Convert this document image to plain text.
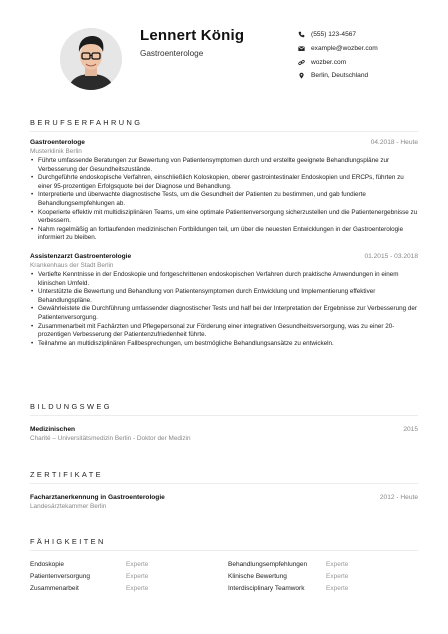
Lennert König
Gastroenterologe
(555) 123-4567
example@wozber.com
wozber.com
Berlin, Deutschland
BERUFSERFAHRUNG
Gastroenterologe	04.2018 - Heute
Musterklinik Berlin
• Führte umfassende Beratungen zur Bewertung von Patientensymptomen durch und erstellte geeignete Behandlungspläne zur Verbesserung der Gesundheitszustände.
• Durchgeführte endoskopische Verfahren, einschließlich Koloskopien, oberer gastrointestinaler Endoskopien und ERCPs, führten zu einer 95-prozentigen Erfolgsquote bei der Diagnose und Behandlung.
• Interpretierte und überwachte diagnostische Tests, um die Gesundheit der Patienten zu bestimmen, und gab fundierte Behandlungsempfehlungen ab.
• Kooperierte effektiv mit multidisziplinären Teams, um eine optimale Patientenversorgung sicherzustellen und die Patientenergebnisse zu verbessern.
• Nahm regelmäßig an fortlaufenden medizinischen Fortbildungen teil, um über die neuesten Entwicklungen in der Gastroenterologie informiert zu bleiben.
Assistenzarzt Gastroenterologie	01.2015 - 03.2018
Krankenhaus der Stadt Berlin
• Vertiefte Kenntnisse in der Endoskopie und fortgeschrittenen endoskopischen Verfahren durch praktische Anwendungen in einem klinischen Umfeld.
• Unterstützte die Bewertung und Behandlung von Patientensymptomen durch Entwicklung und Implementierung effektiver Behandlungspläne.
• Gewährleistete die Durchführung umfassender diagnostischer Tests und half bei der Interpretation der Ergebnisse zur Verbesserung der Patientenversorgung.
• Zusammenarbeit mit Fachärzten und Pflegepersonal zur Förderung einer integrativen Gesundheitsversorgung, was zu einer 20-prozentigen Verbesserung der Patientenzufriedenheit führte.
• Teilnahme an multidisziplinären Fallbesprechungen, um bestmögliche Behandlungsansätze zu entwickeln.
BILDUNGSWEG
Medizinischen	2015
Charité – Universitätsmedizin Berlin - Doktor der Medizin
ZERTIFIKATE
Facharztanerkennung in Gastroenterologie	2012 - Heute
Landesärztekammer Berlin
FÄHIGKEITEN
Endoskopie	Experte	Behandlungsempfehlungen	Experte
Patientenversorgung	Experte	Klinische Bewertung	Experte
Zusammenarbeit	Experte	Interdisciplinary Teamwork	Experte
